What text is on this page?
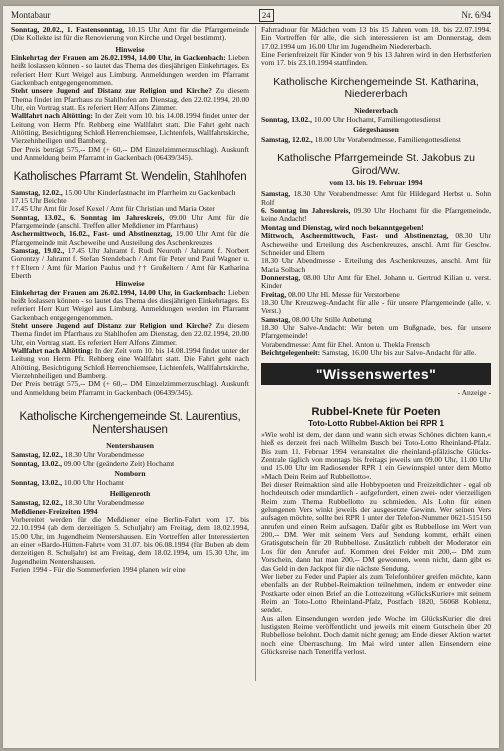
Montabaur	24	Nr. 6/94

Sonntag, 20.02., 1. Fastensonntag, 10.15 Uhr Amt für die Pfarrgemeinde (Die Kollekte ist für die Renovierung von Kirche und Orgel bestimmt).

Hinweise

Einkehrtag der Frauen am 26.02.1994, 14.00 Uhr, in Gackenbach: Lieben heißt loslassen können - so lautet das Thema des diesjährigen Einkehrtages. Es referiert Herr Kurt Weigel aus Limburg. Anmeldungen werden im Pfarramt Gackenbach entgegengenommen.

Steht unsere Jugend auf Distanz zur Religion und Kirche? Zu diesem Thema findet im Pfarrhaus zu Stahlhofen am Dienstag, den 22.02.1994, 20.00 Uhr, ein Vortrag statt. Es referiert Herr Alfons Zimmer.

Wallfahrt nach Altötting: In der Zeit vom 10. bis 14.08.1994 findet unter der Leitung von Herrn Pfr. Rehberg eine Wallfahrt statt. Die Fahrt geht nach Altötting, Besichtigung Schloß Herrenchiemsee, Lichtenfels, Wallfahrtskirche, Vierzehnheiligen und Bamberg.

Der Preis beträgt 575,-- DM (+ 60,-- DM Einzelzimmerzuschlag). Auskunft und Anmeldung beim Pfarramt in Gackenbach (06439/345).

Katholisches Pfarramt St. Wendelin, Stahlhofen

Samstag, 12.02., 15.00 Uhr Kinderfastnacht im Pfarrheim zu Gackenbach

17.15 Uhr Beichte

17.45 Uhr Amt für Josef Kexel / Amt für Christian und Maria Oster

Sonntag, 13.02., 6. Sonntag im Jahreskreis, 09.00 Uhr Amt für die Pfarrgemeinde (anschl. Treffen aller Meßdiener im Pfarrhaus)

Aschermittwoch, 16.02., Fast- und Abstinenztag, 19.00 Uhr Amt für die Pfarrgemeinde mit Ascheweihe und Austeilung des Aschenkreuzes

Samstag, 19.02., 17.45 Uhr Jahramt f. Rudi Neuroth / Jahramt f. Norbert Gorontzy / Jahramt f. Stefan Stendebach / Amt für Peter und Paul Wagner u. ††Eltern / Amt für Marion Paulus und †† Großeltern / Amt für Katharina Eberth

Hinweise

Einkehrtag der Frauen am 26.02.1994, 14.00 Uhr, in Gackenbach: Lieben heißt loslassen können - so lautet das Thema des diesjährigen Einkehrtages. Es referiert Herr Kurt Weigel aus Limburg. Anmeldungen werden im Pfarramt Gackenbach entgegengenommen.

Steht unsere Jugend auf Distanz zur Religion und Kirche? Zu diesem Thema findet im Pfarrhaus zu Stahlhofen am Dienstag, den 22.02.1994, 20.00 Uhr, ein Vortrag statt. Es referiert Herr Alfons Zimmer.

Wallfahrt nach Altötting: In der Zeit vom 10. bis 14.08.1994 findet unter der Leitung von Herrn Pfr. Rehberg eine Wallfahrt statt. Die Fahrt geht nach Altötting, Besichtigung Schloß Herrenchiemsee, Lichtenfels, Wallfahrtskirche, Vierzehnheiligen und Bamberg.

Der Preis beträgt 575,-- DM (+ 60,-- DM Einzelzimmerzuschlag). Auskunft und Anmeldung beim Pfarramt in Gackenbach (06439/345).

Katholische Kirchengemeinde St. Laurentius, Nentershausen

Nentershausen

Samstag, 12.02., 18.30 Uhr Vorabendmesse

Sonntag, 13.02., 09.00 Uhr (geänderte Zeit) Hochamt

Nomborn

Sonntag, 13.02., 10.00 Uhr Hochamt

Heiligenroth

Samstag, 12.02., 18.30 Uhr Vorabendmesse

Meßdiener-Freizeiten 1994

Vorbereitet werden für die Meßdiener eine Berlin-Fahrt vom 17. bis 22.10.1994 (ab dem derzeitigen 5. Schuljahr) am Freitag, dem 18.02.1994, 15.00 Uhr, im Jugendheim Nentershausen. Ein Vortreffen aller Interessierten an einer »Bardo-Hütten-Fahrt« vom 31.07. bis 06.08.1994 (für Buben ab dem derzeitigen 8. Schuljahr) ist am Freitag, dem 18.02.1994, um 15.30 Uhr, im Jugendheim Nentershausen.

Ferien 1994 - Für die Sommerferien 1994 planen wir eine

Fahrradtour für Mädchen vom 13 bis 15 Jahren vom 18. bis 22.07.1994. Ein Vortreffen für alle, die sich interessieren ist am Donnerstag, dem 17.02.1994 um 16.00 Uhr im Jugendheim Niedererbach.

Eine Ferienfreizeit für Kinder von 9 bis 13 Jahren wird in den Herbstferien vom 17. bis 23.10.1994 stattfinden.

Katholische Kirchengemeinde St. Katharina, Niedererbach

Niedererbach

Sonntag, 13.02., 10.00 Uhr Hochamt, Familiengottesdienst

Görgeshausen

Samstag, 12.02., 18.00 Uhr Vorabendmesse, Familiengottesdienst

Katholische Pfarrgemeinde St. Jakobus zu Girod/Ww.

vom 13. bis 19. Februar 1994

Samstag, 18.30 Uhr Vorabendmesse: Amt für Hildegard Herbst u. Sohn Rolf

6. Sonntag im Jahreskreis, 09.30 Uhr Hochamt für die Pfarrgemeinde, keine Andacht!

Montag und Dienstag, wird noch bekanntgegeben!

Mittwoch, Aschermittwoch, Fast- und Abstinenztag, 08.30 Uhr Ascheweihe und Erteilung des Aschenkreuzes, anschl. Amt für Geschw. Schneider und Eltern

18.30 Uhr Abendmesse - Erteilung des Aschenkreuzes, anschl. Amt für Maria Solbach

Donnerstag, 08.00 Uhr Amt für Ehel. Johann u. Gertrud Kilian u. verst. Kinder

Freitag, 08.00 Uhr Hl. Messe für Verstorbene

18.30 Uhr Kreuzweg-Andacht für alle - für unsere Pfarrgemeinde (alle, v. Verst.)

Samstag, 08.00 Uhr Stille Anbetung

18.30 Uhr Salve-Andacht: Wir beten um Bußgnade, bes. für unsere Pfarrgemeinde!

Vorabendmesse: Amt für Ehel. Anton u. Thekla Frensch

Beichtgelegenheit: Samstag, 16.00 Uhr bis zur Salve-Andacht für alle.

"Wissenswertes"
- Anzeige -
Rubbel-Knete für Poeten
Toto-Lotto Rubbel-Aktion bei RPR 1

»Wie wohl ist dem, der dann und wann sich etwas Schönes dichten kann,« hieß es derzeit frei nach Wilhelm Busch bei Toto-Lotto Rheinland-Pfalz. Bis zum 11. Februar 1994 veranstaltet die rheinland-pfälzische Glücks-Zentrale täglich von montags bis freitags jeweils um 09.00 Uhr, 11.00 Uhr und 15.00 Uhr im Radiosender RPR 1 ein Gewinnspiel unter dem Motto »Mach Dein Reim auf Rubbellotto«.

Bei dieser Reimaktion sind alle Hobbypoeten und Freizeitdichter - egal ob hochdeutsch oder mundartlich - aufgefordert, einen zwei- oder vierzeiligen Reim zum Thema Rubbellotto zu schmieden. Als Lohn für einen gelungenen Vers winkt jeweils der ausgesetzte Gewinn. Wer seinen Vers aufsagen möchte, sollte bei RPR 1 unter der Telefon-Nummer 0621-515150 anrufen und einen Reim aufsagen. Dafür gibt es Rubbellose im Wert von 200,-- DM. Wer mit seinem Vers auf Sendung kommt, erhält einen Gratisgutschein für 20 Rubbellose. Zusätzlich rubbelt der Moderator ein Los für den Anrufer auf. Kommen drei Felder mit 200,-- DM zum Vorschein, dann hat man 200,-- DM gewonnen, wenn nicht, dann gibt es das Geld in den Jackpot für die nächste Sendung.

Wer lieber zu Feder und Papier als zum Telefonhörer greifen möchte, kann ebenfalls an der Rubbel-Reimaktion teilnehmen, indem er entweder eine Postkarte oder einen Brief an die Lottozeitung »GlücksKurier« mit seinem Reim an Toto-Lotto Rheinland-Pfalz, Postfach 1820, 56068 Koblenz, sendet.

Aus allen Einsendungen werden jede Woche im GlücksKurier die drei lustigsten Reime veröffentlicht und jeweils mit einem Gutschein über 20 Rubbellose belohnt. Doch damit nicht genug; am Ende dieser Aktion wartet noch eine Überraschung. Im Mai wird unter allen Einsendern eine Glücksreise nach Teneriffa verlost.
